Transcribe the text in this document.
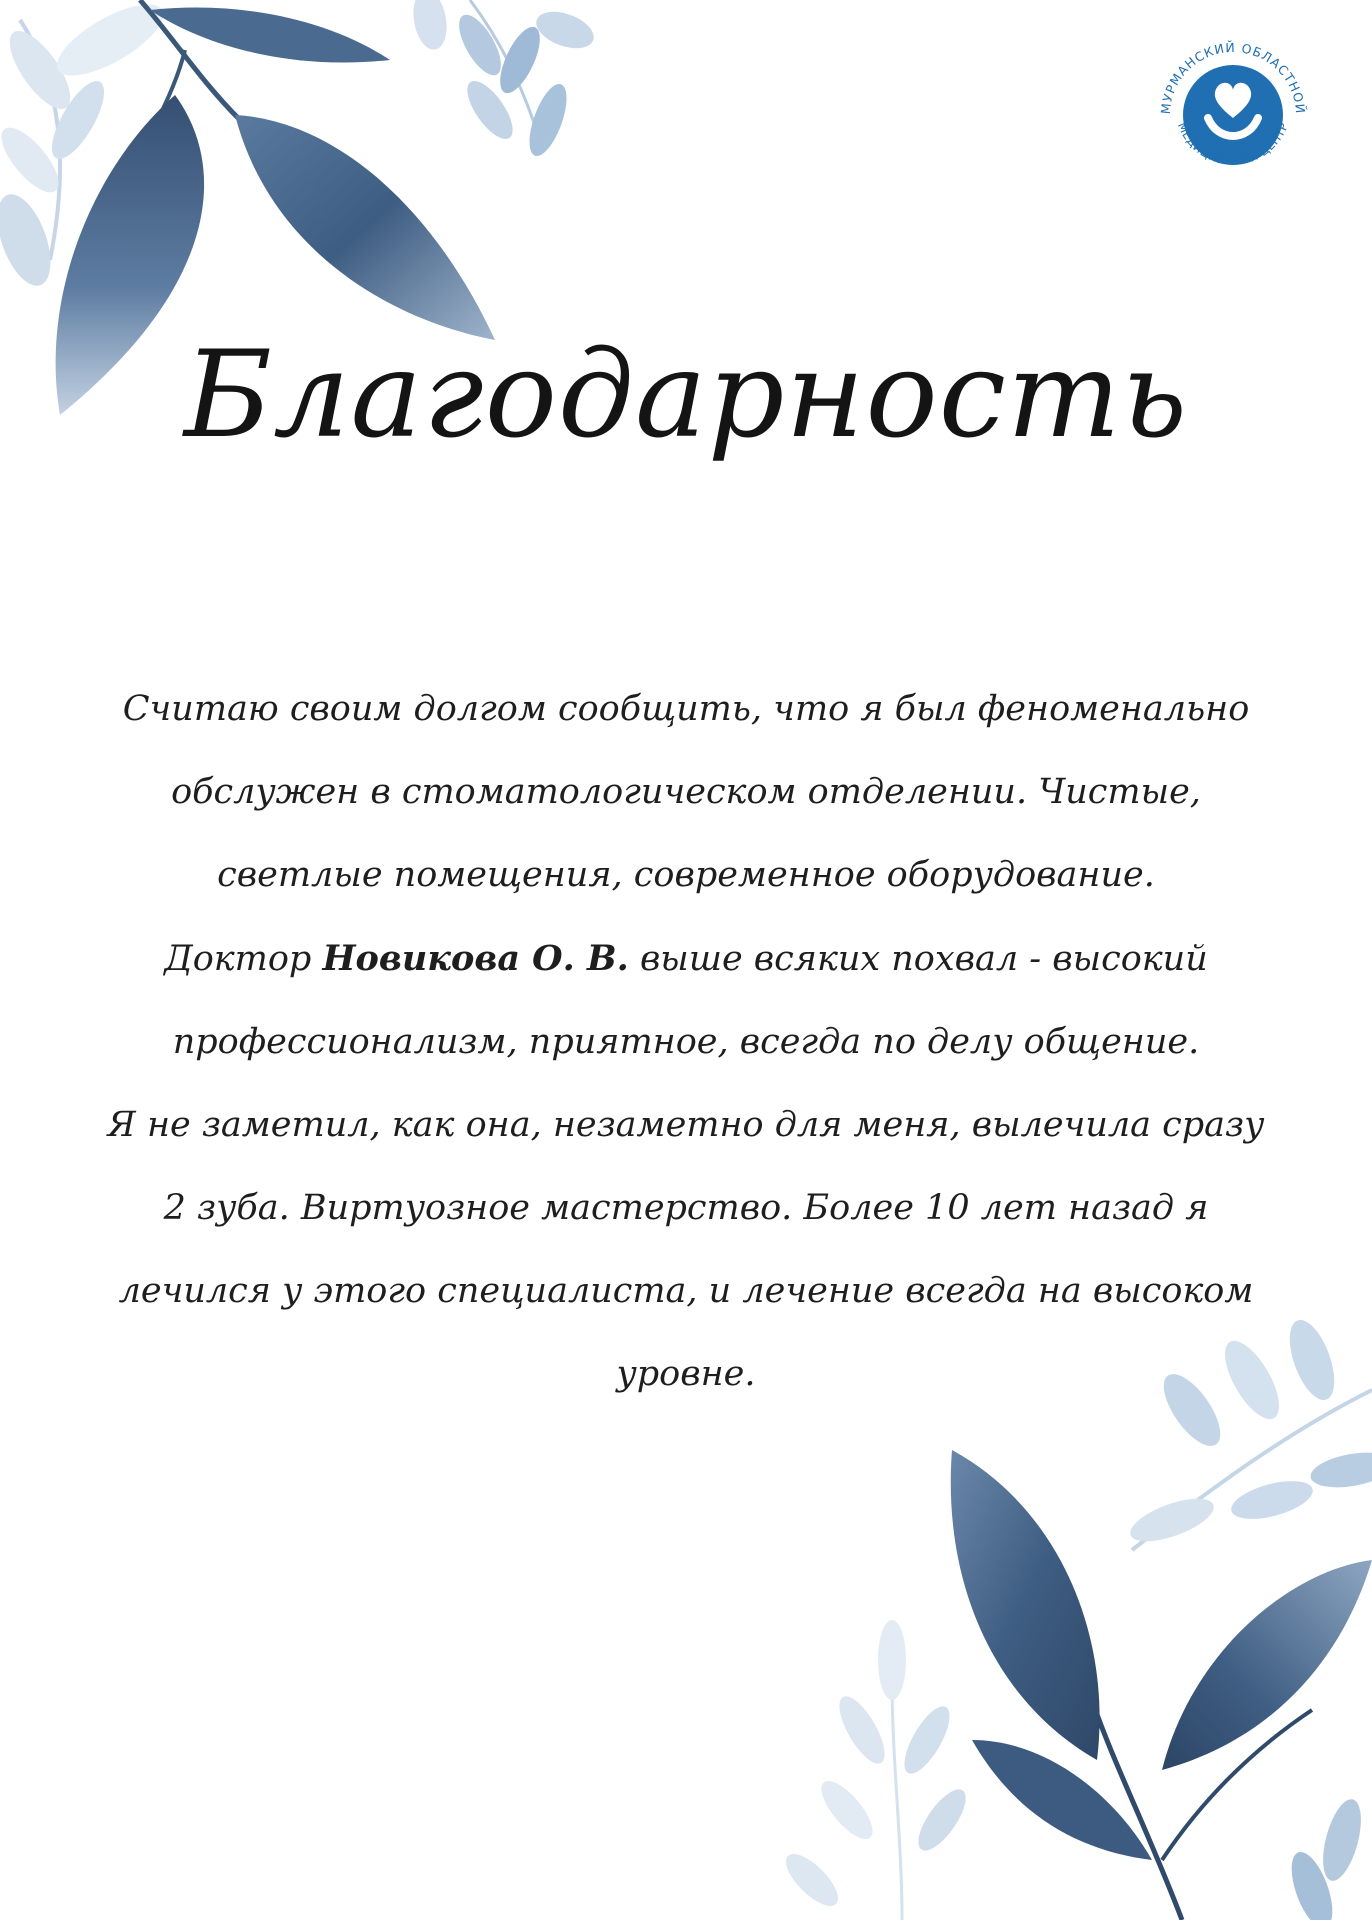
МУРМАНСКИЙ ОБЛАСТНОЙ
МЕДИЦИНСКИЙ ЦЕНТР
Благодарность

Считаю своим долгом сообщить, что я был феноменально обслужен в стоматологическом отделении. Чистые, светлые помещения, современное оборудование.

Доктор Новикова О. В. выше всяких похвал - высокий профессионализм, приятное, всегда по делу общение.

Я не заметил, как она, незаметно для меня, вылечила сразу 2 зуба. Виртуозное мастерство. Более 10 лет назад я лечился у этого специалиста, и лечение всегда на высоком уровне.
